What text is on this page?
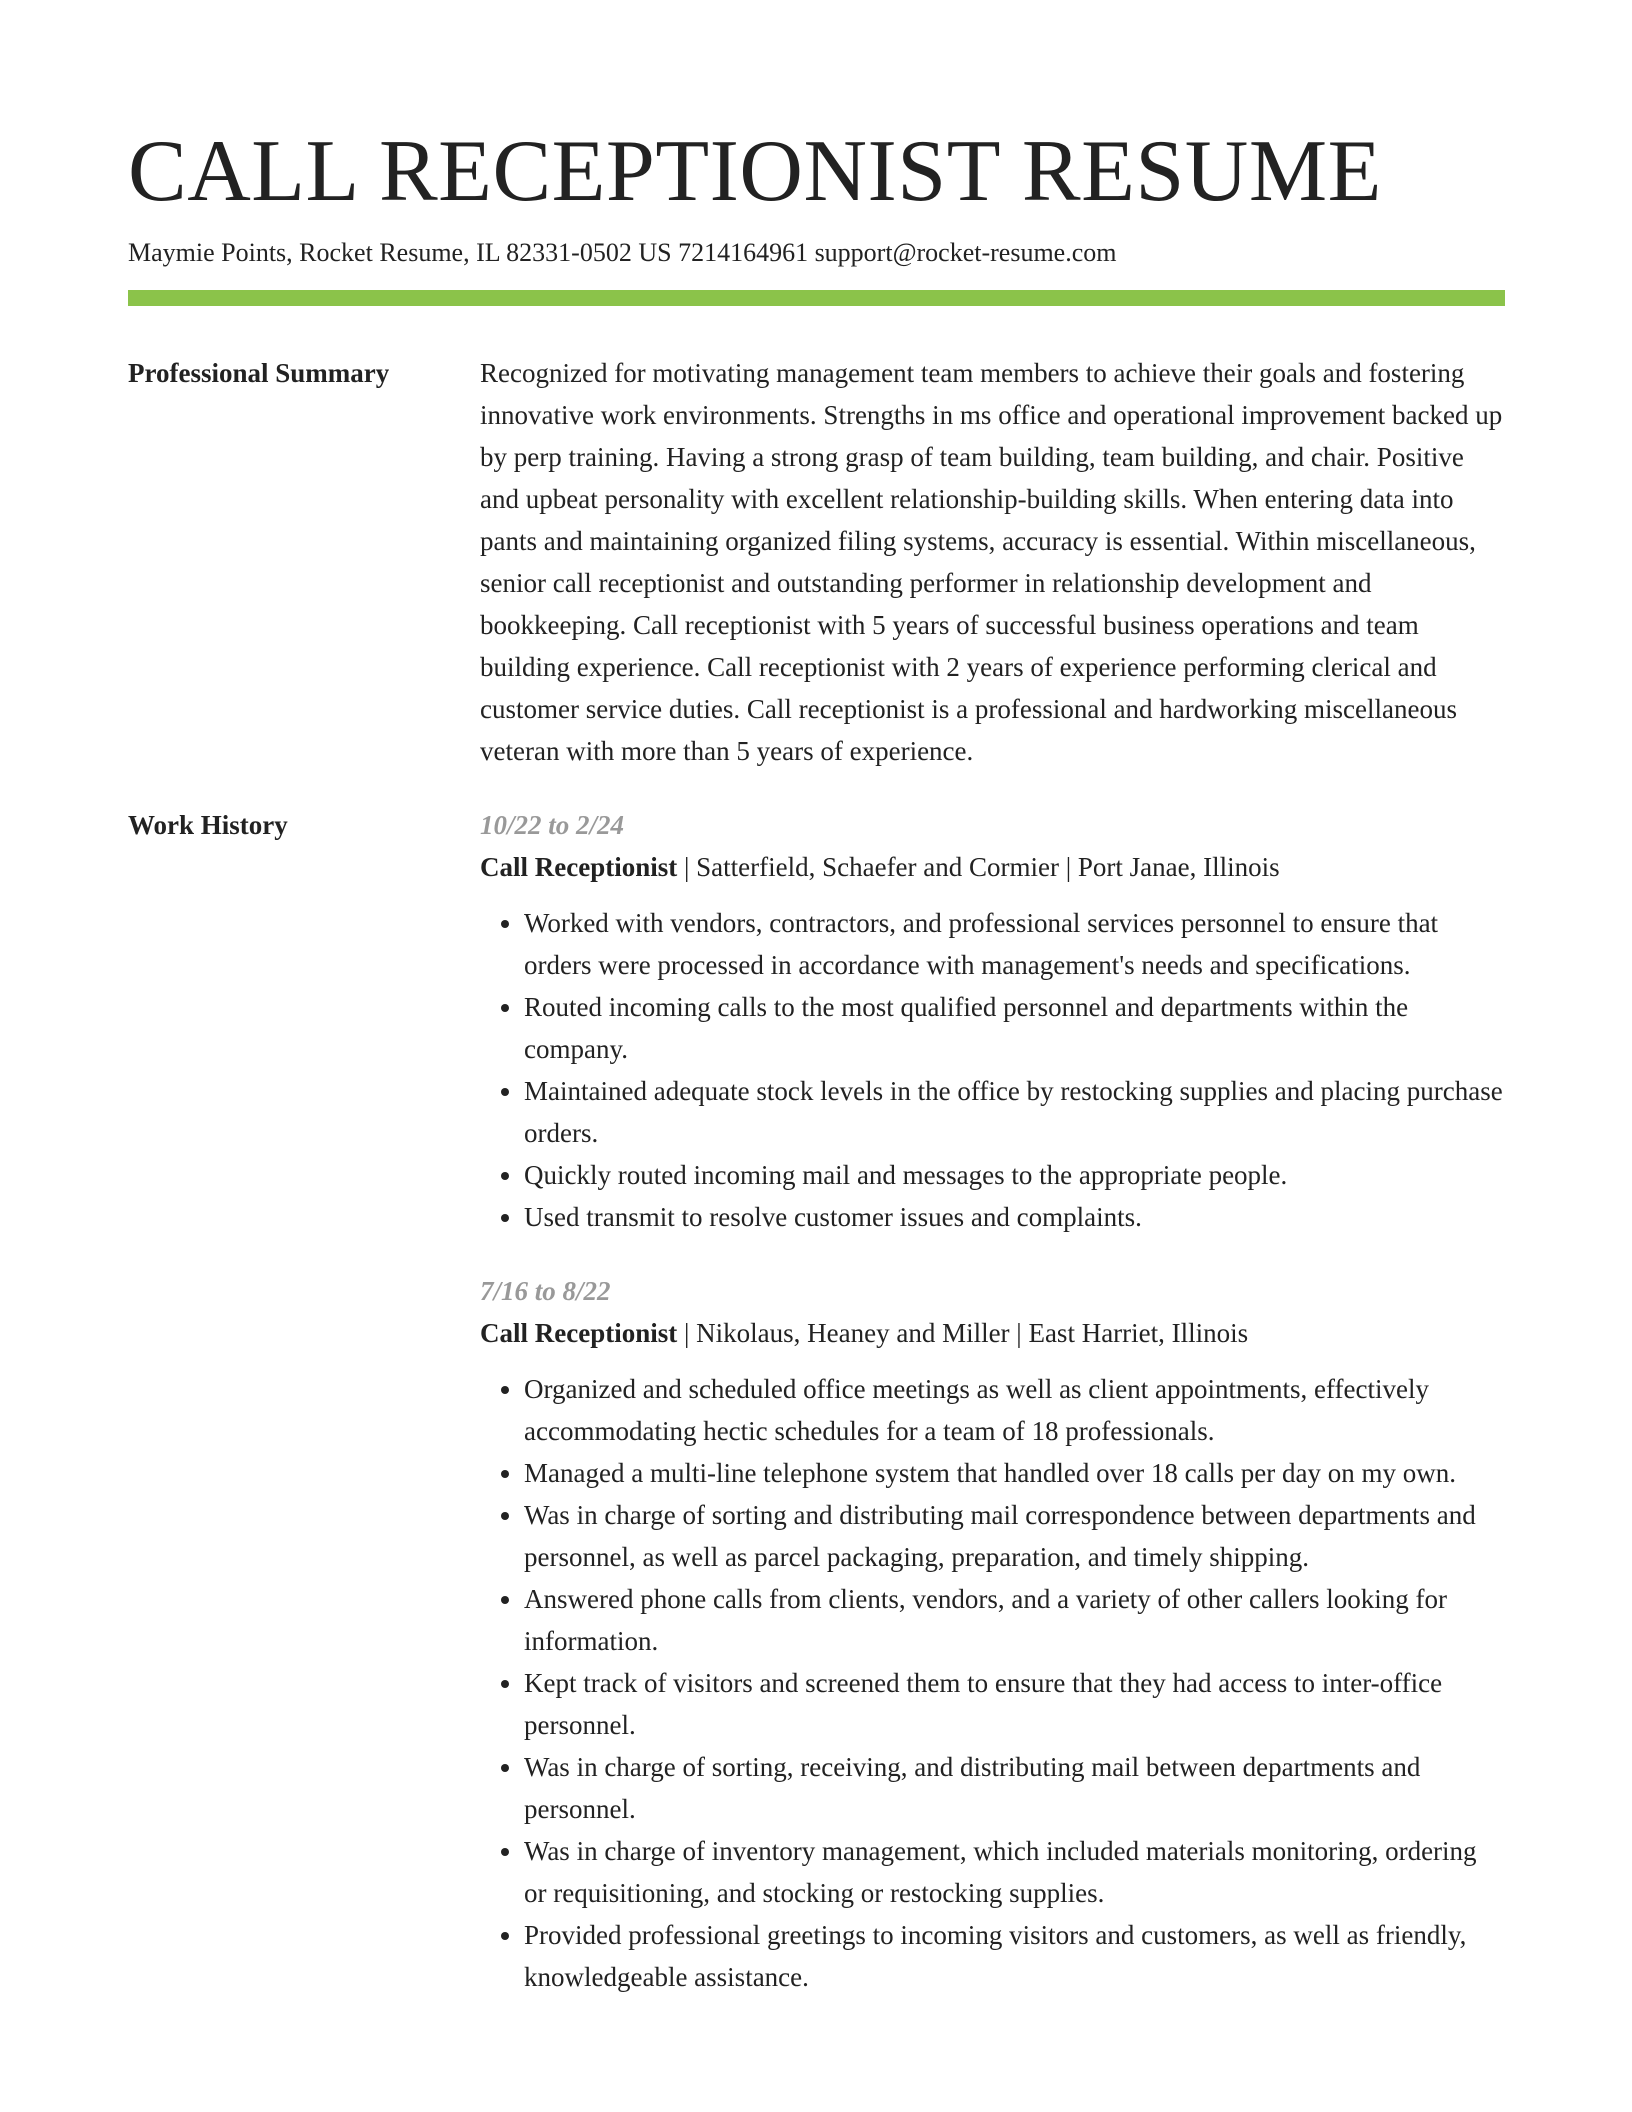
CALL RECEPTIONIST RESUME
Maymie Points, Rocket Resume, IL 82331-0502 US 7214164961 support@rocket-resume.com
Professional Summary	Recognized for motivating management team members to achieve their goals and fostering innovative work environments. Strengths in ms office and operational improvement backed up by perp training. Having a strong grasp of team building, team building, and chair. Positive and upbeat personality with excellent relationship-building skills. When entering data into pants and maintaining organized filing systems, accuracy is essential. Within miscellaneous, senior call receptionist and outstanding performer in relationship development and bookkeeping. Call receptionist with 5 years of successful business operations and team building experience. Call receptionist with 2 years of experience performing clerical and customer service duties. Call receptionist is a professional and hardworking miscellaneous veteran with more than 5 years of experience.

Work History	10/22 to 2/24
Call Receptionist | Satterfield, Schaefer and Cormier | Port Janae, Illinois
• Worked with vendors, contractors, and professional services personnel to ensure that orders were processed in accordance with management's needs and specifications.
• Routed incoming calls to the most qualified personnel and departments within the company.
• Maintained adequate stock levels in the office by restocking supplies and placing purchase orders.
• Quickly routed incoming mail and messages to the appropriate people.
• Used transmit to resolve customer issues and complaints.
7/16 to 8/22
Call Receptionist | Nikolaus, Heaney and Miller | East Harriet, Illinois
• Organized and scheduled office meetings as well as client appointments, effectively accommodating hectic schedules for a team of 18 professionals.
• Managed a multi-line telephone system that handled over 18 calls per day on my own.
• Was in charge of sorting and distributing mail correspondence between departments and personnel, as well as parcel packaging, preparation, and timely shipping.
• Answered phone calls from clients, vendors, and a variety of other callers looking for information.
• Kept track of visitors and screened them to ensure that they had access to inter-office personnel.
• Was in charge of sorting, receiving, and distributing mail between departments and personnel.
• Was in charge of inventory management, which included materials monitoring, ordering or requisitioning, and stocking or restocking supplies.
• Provided professional greetings to incoming visitors and customers, as well as friendly, knowledgeable assistance.
